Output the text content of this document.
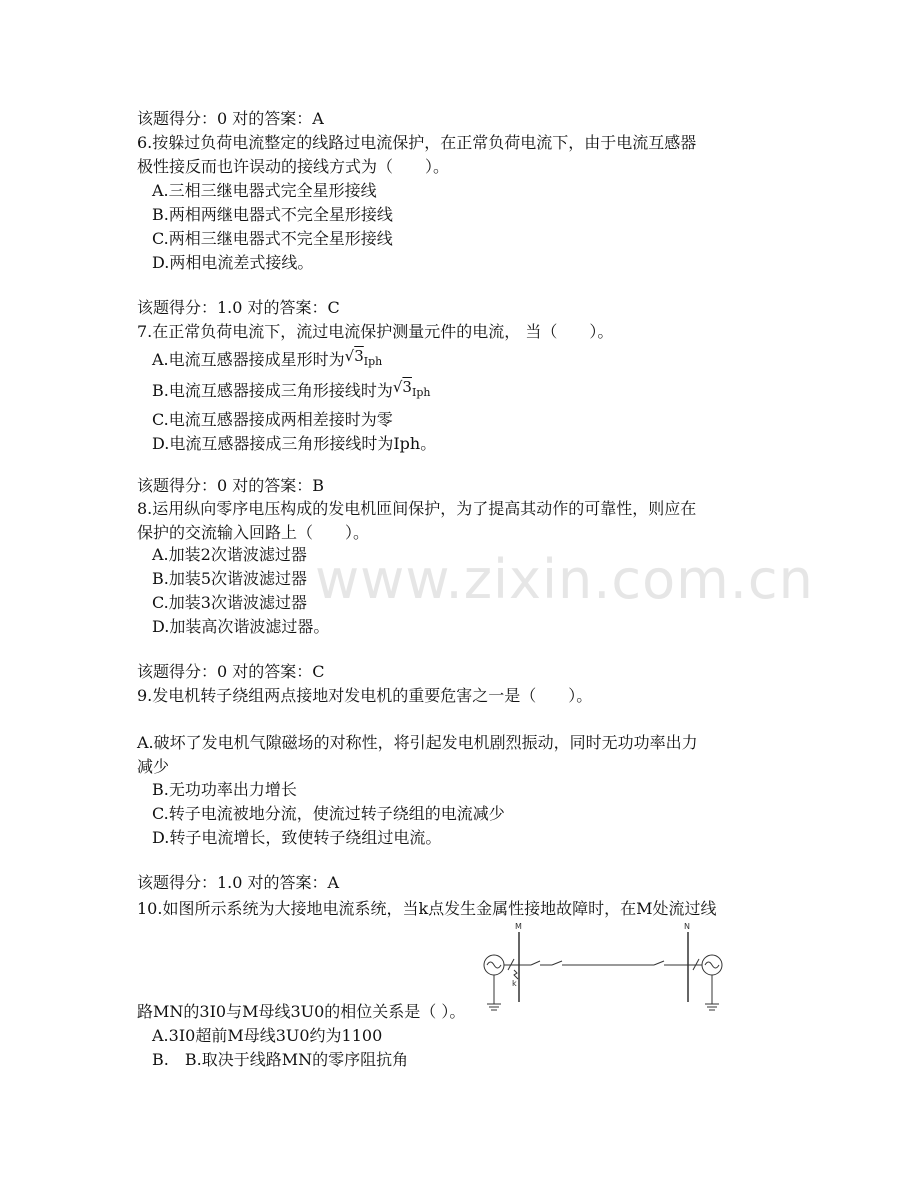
www.zixin.com.cn
该题得分：0 对的答案：A
6.按躲过负荷电流整定的线路过电流保护，在正常负荷电流下，由于电流互感器
极性接反而也许误动的接线方式为（　　）。
A.三相三继电器式完全星形接线
B.两相两继电器式不完全星形接线
C.两相三继电器式不完全星形接线
D.两相电流差式接线。
该题得分：1.0 对的答案：C
7.在正常负荷电流下，流过电流保护测量元件的电流， 当（　　）。
A.电流互感器接成星形时为√3Iph
B.电流互感器接成三角形接线时为√3Iph
C.电流互感器接成两相差接时为零
D.电流互感器接成三角形接线时为Iph。
该题得分：0 对的答案：B
8.运用纵向零序电压构成的发电机匝间保护，为了提高其动作的可靠性，则应在
保护的交流输入回路上（　　）。
A.加装2次谐波滤过器
B.加装5次谐波滤过器
C.加装3次谐波滤过器
D.加装高次谐波滤过器。
该题得分：0 对的答案：C
9.发电机转子绕组两点接地对发电机的重要危害之一是（　　）。
A.破坏了发电机气隙磁场的对称性，将引起发电机剧烈振动，同时无功功率出力
减少
B.无功功率出力增长
C.转子电流被地分流，使流过转子绕组的电流减少
D.转子电流增长，致使转子绕组过电流。
该题得分：1.0 对的答案：A
10.如图所示系统为大接地电流系统，当k点发生金属性接地故障时，在M处流过线
M
k
N
路MN的3I0与M母线3U0的相位关系是（ ）。
A.3I0超前M母线3U0约为1100
B.　B.取决于线路MN的零序阻抗角
